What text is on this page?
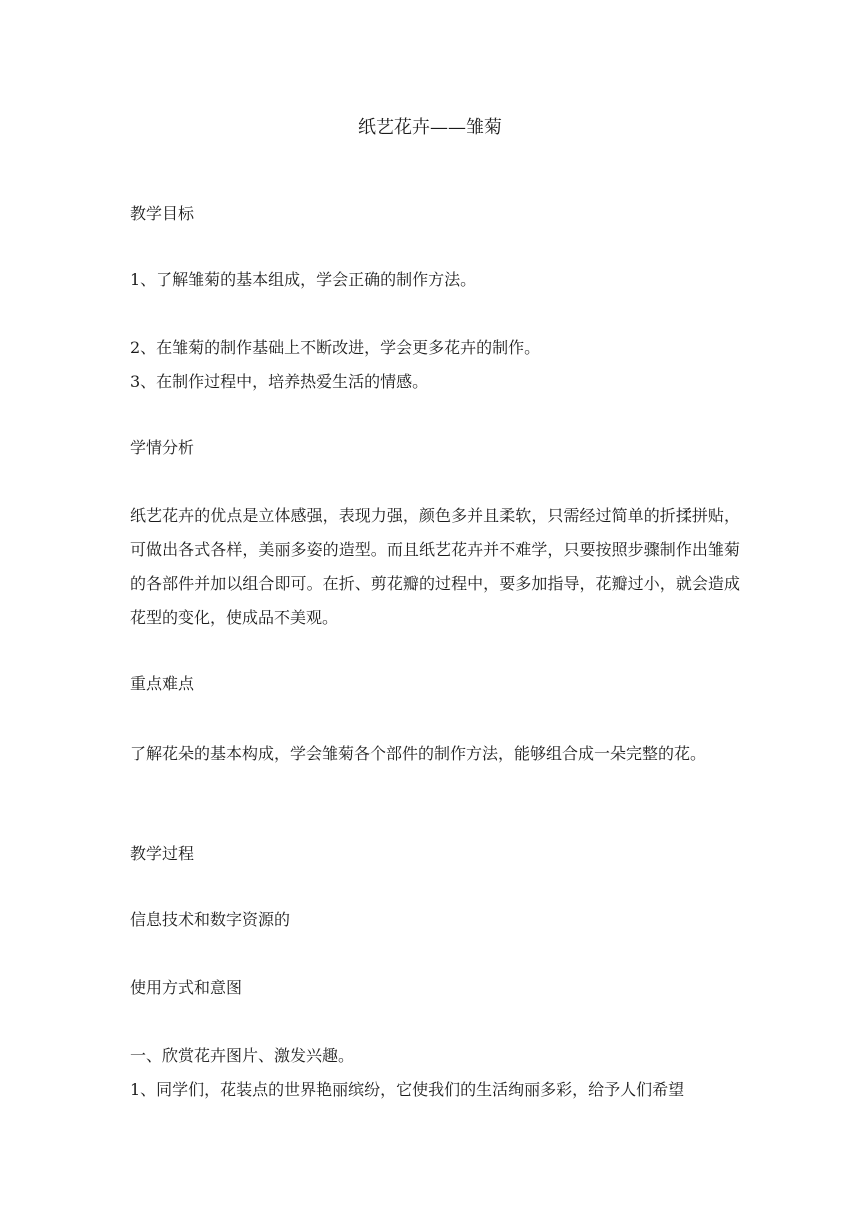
纸艺花卉——雏菊
教学目标
1、了解雏菊的基本组成，学会正确的制作方法。
2、在雏菊的制作基础上不断改进，学会更多花卉的制作。
3、在制作过程中，培养热爱生活的情感。
学情分析
纸艺花卉的优点是立体感强，表现力强，颜色多并且柔软，只需经过简单的折揉拼贴，可做出各式各样，美丽多姿的造型。而且纸艺花卉并不难学，只要按照步骤制作出雏菊的各部件并加以组合即可。在折、剪花瓣的过程中，要多加指导，花瓣过小，就会造成花型的变化，使成品不美观。
重点难点
了解花朵的基本构成，学会雏菊各个部件的制作方法，能够组合成一朵完整的花。
教学过程
信息技术和数字资源的
使用方式和意图
一、欣赏花卉图片、激发兴趣。
1、同学们，花装点的世界艳丽缤纷，它使我们的生活绚丽多彩，给予人们希望
